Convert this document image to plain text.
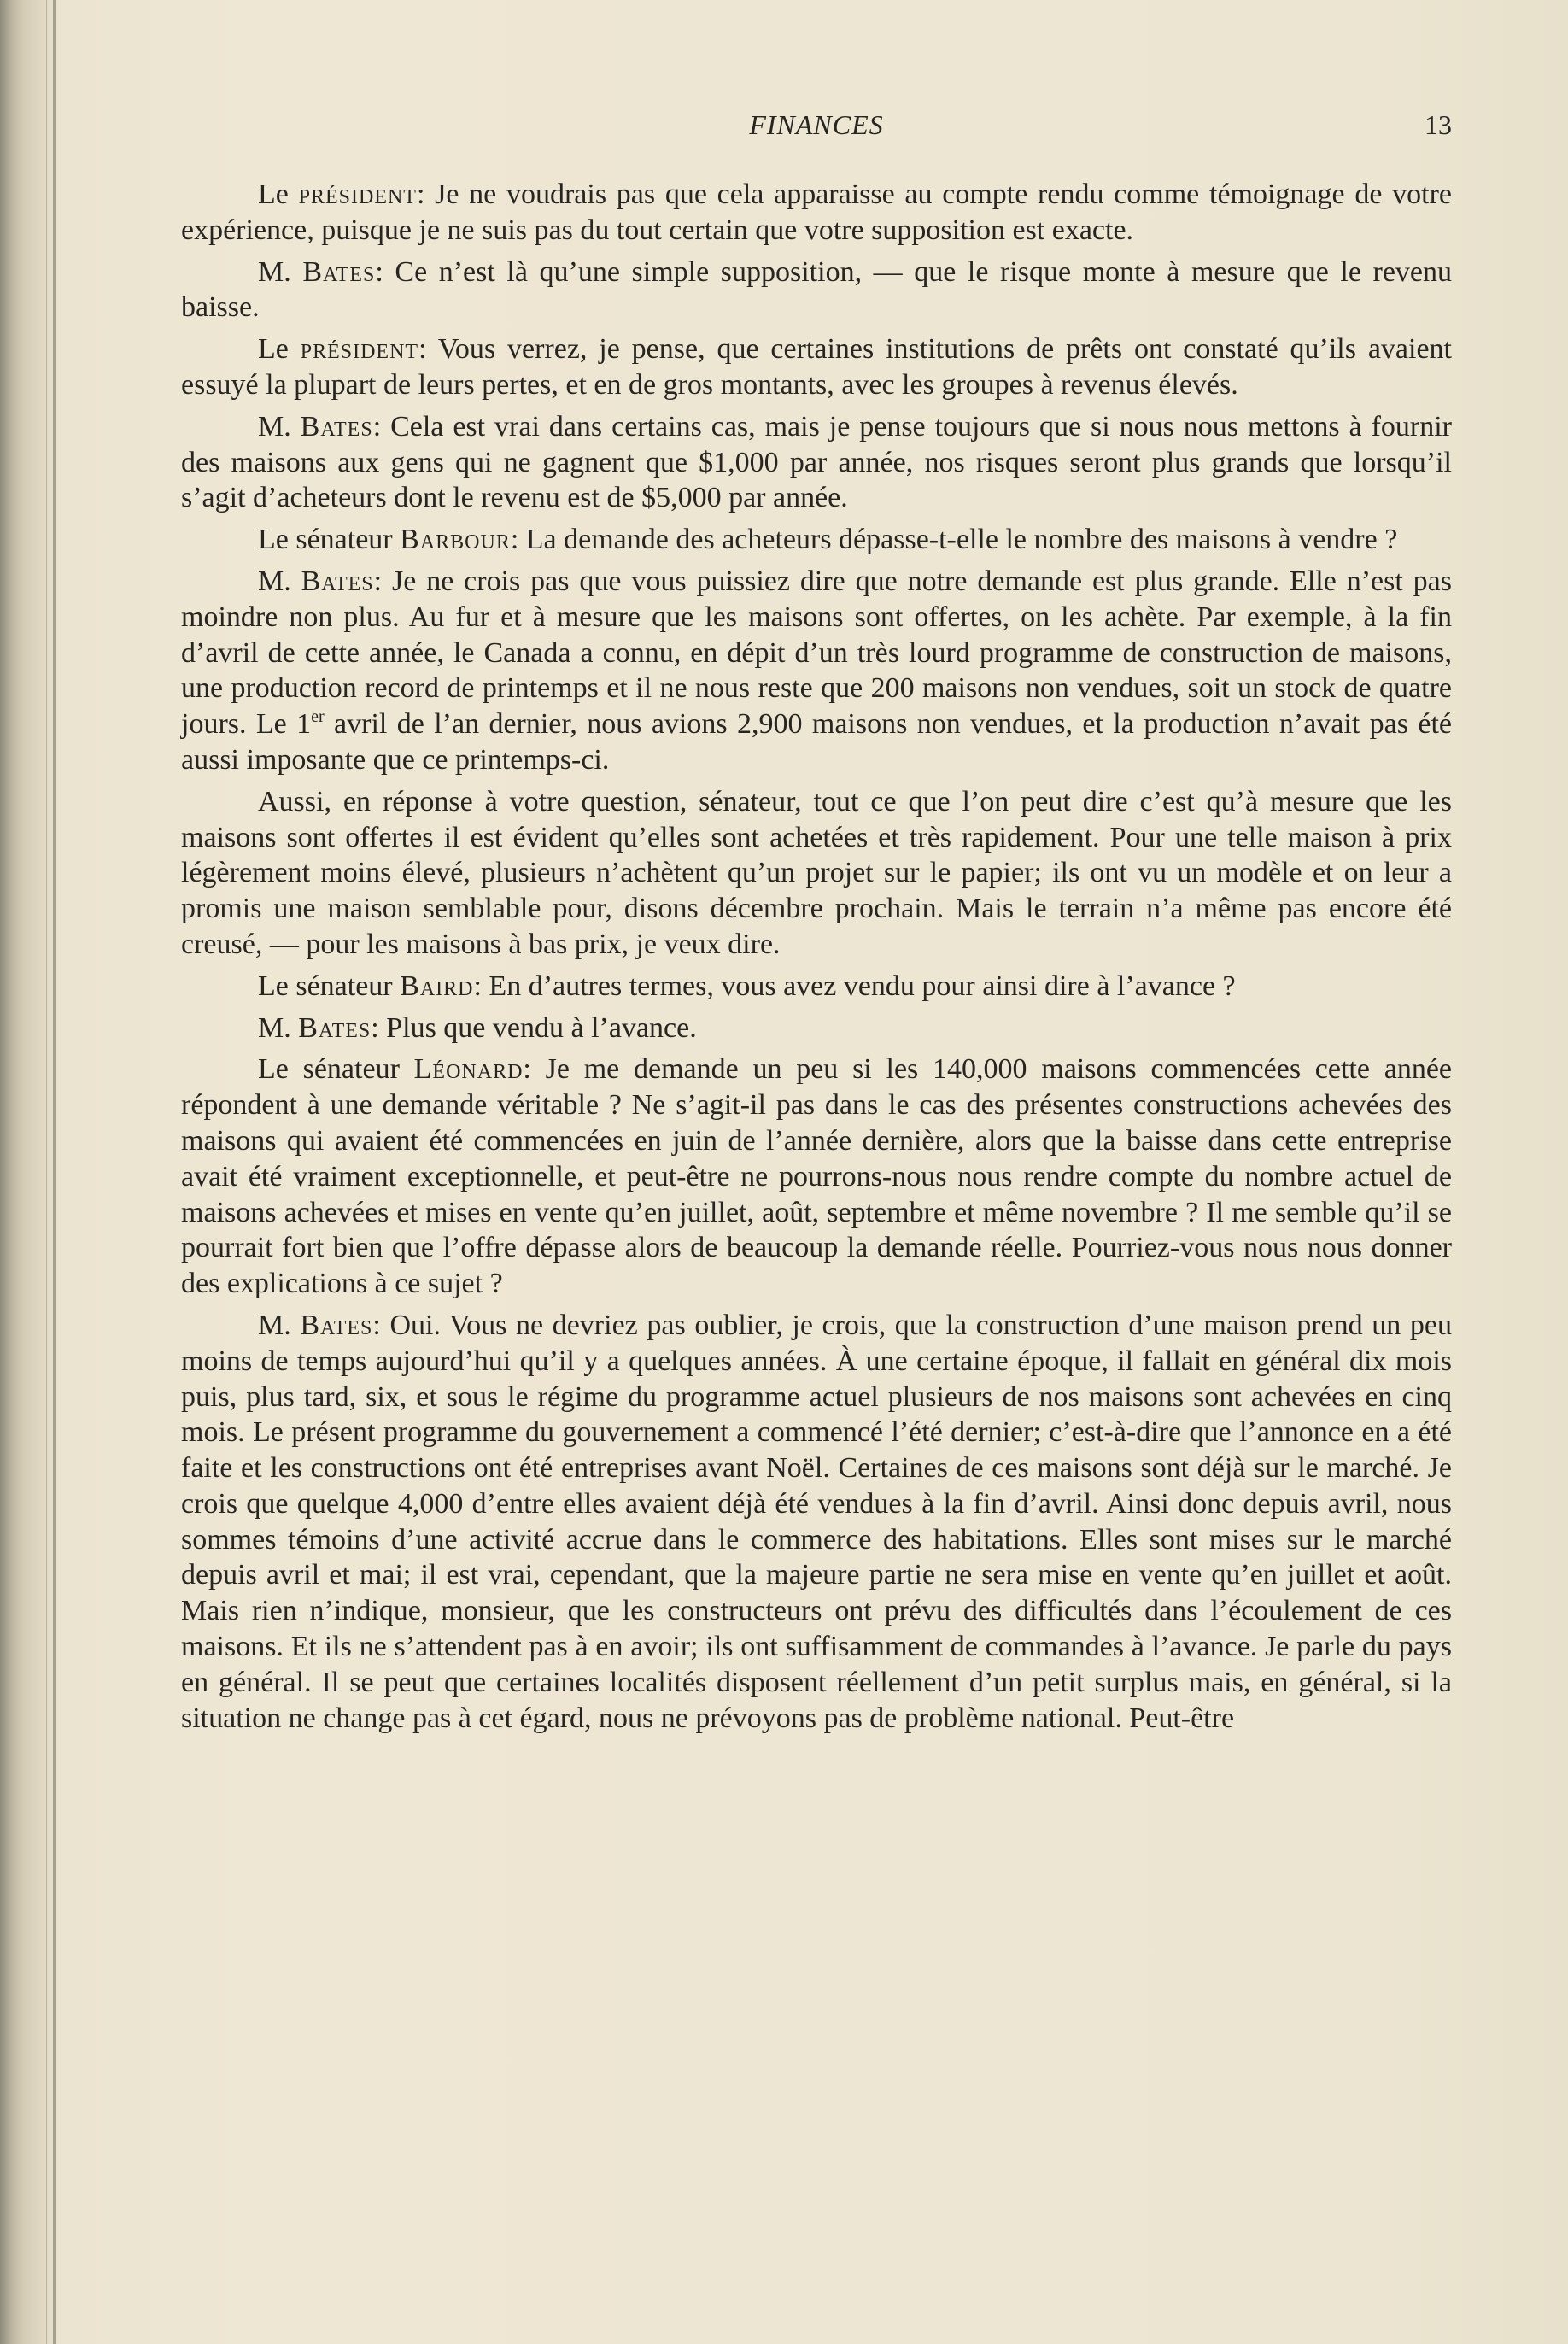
FINANCES	13

Le président: Je ne voudrais pas que cela apparaisse au compte rendu comme témoignage de votre expérience, puisque je ne suis pas du tout certain que votre supposition est exacte.

M. Bates: Ce n’est là qu’une simple supposition, — que le risque monte à mesure que le revenu baisse.

Le président: Vous verrez, je pense, que certaines institutions de prêts ont constaté qu’ils avaient essuyé la plupart de leurs pertes, et en de gros montants, avec les groupes à revenus élevés.

M. Bates: Cela est vrai dans certains cas, mais je pense toujours que si nous nous mettons à fournir des maisons aux gens qui ne gagnent que $1,000 par année, nos risques seront plus grands que lorsqu’il s’agit d’acheteurs dont le revenu est de $5,000 par année.

Le sénateur Barbour: La demande des acheteurs dépasse-t-elle le nombre des maisons à vendre ?

M. Bates: Je ne crois pas que vous puissiez dire que notre demande est plus grande. Elle n’est pas moindre non plus. Au fur et à mesure que les maisons sont offertes, on les achète. Par exemple, à la fin d’avril de cette année, le Canada a connu, en dépit d’un très lourd programme de construction de maisons, une production record de printemps et il ne nous reste que 200 maisons non vendues, soit un stock de quatre jours. Le 1er avril de l’an dernier, nous avions 2,900 maisons non vendues, et la production n’avait pas été aussi imposante que ce printemps-ci.

Aussi, en réponse à votre question, sénateur, tout ce que l’on peut dire c’est qu’à mesure que les maisons sont offertes il est évident qu’elles sont achetées et très rapidement. Pour une telle maison à prix légèrement moins élevé, plusieurs n’achètent qu’un projet sur le papier; ils ont vu un modèle et on leur a promis une maison semblable pour, disons décembre prochain. Mais le terrain n’a même pas encore été creusé, — pour les maisons à bas prix, je veux dire.

Le sénateur Baird: En d’autres termes, vous avez vendu pour ainsi dire à l’avance ?

M. Bates: Plus que vendu à l’avance.

Le sénateur Léonard: Je me demande un peu si les 140,000 maisons commencées cette année répondent à une demande véritable ? Ne s’agit-il pas dans le cas des présentes constructions achevées des maisons qui avaient été commencées en juin de l’année dernière, alors que la baisse dans cette entreprise avait été vraiment exceptionnelle, et peut-être ne pourrons-nous nous rendre compte du nombre actuel de maisons achevées et mises en vente qu’en juillet, août, septembre et même novembre ? Il me semble qu’il se pourrait fort bien que l’offre dépasse alors de beaucoup la demande réelle. Pourriez-vous nous nous donner des explications à ce sujet ?

M. Bates: Oui. Vous ne devriez pas oublier, je crois, que la construction d’une maison prend un peu moins de temps aujourd’hui qu’il y a quelques années. À une certaine époque, il fallait en général dix mois puis, plus tard, six, et sous le régime du programme actuel plusieurs de nos maisons sont achevées en cinq mois. Le présent programme du gouvernement a commencé l’été dernier; c’est-à-dire que l’annonce en a été faite et les constructions ont été entreprises avant Noël. Certaines de ces maisons sont déjà sur le marché. Je crois que quelque 4,000 d’entre elles avaient déjà été vendues à la fin d’avril. Ainsi donc depuis avril, nous sommes témoins d’une activité accrue dans le commerce des habitations. Elles sont mises sur le marché depuis avril et mai; il est vrai, cependant, que la majeure partie ne sera mise en vente qu’en juillet et août. Mais rien n’indique, monsieur, que les constructeurs ont prévu des difficultés dans l’écoulement de ces maisons. Et ils ne s’attendent pas à en avoir; ils ont suffisamment de commandes à l’avance. Je parle du pays en général. Il se peut que certaines localités disposent réellement d’un petit surplus mais, en général, si la situation ne change pas à cet égard, nous ne prévoyons pas de problème national. Peut-être
